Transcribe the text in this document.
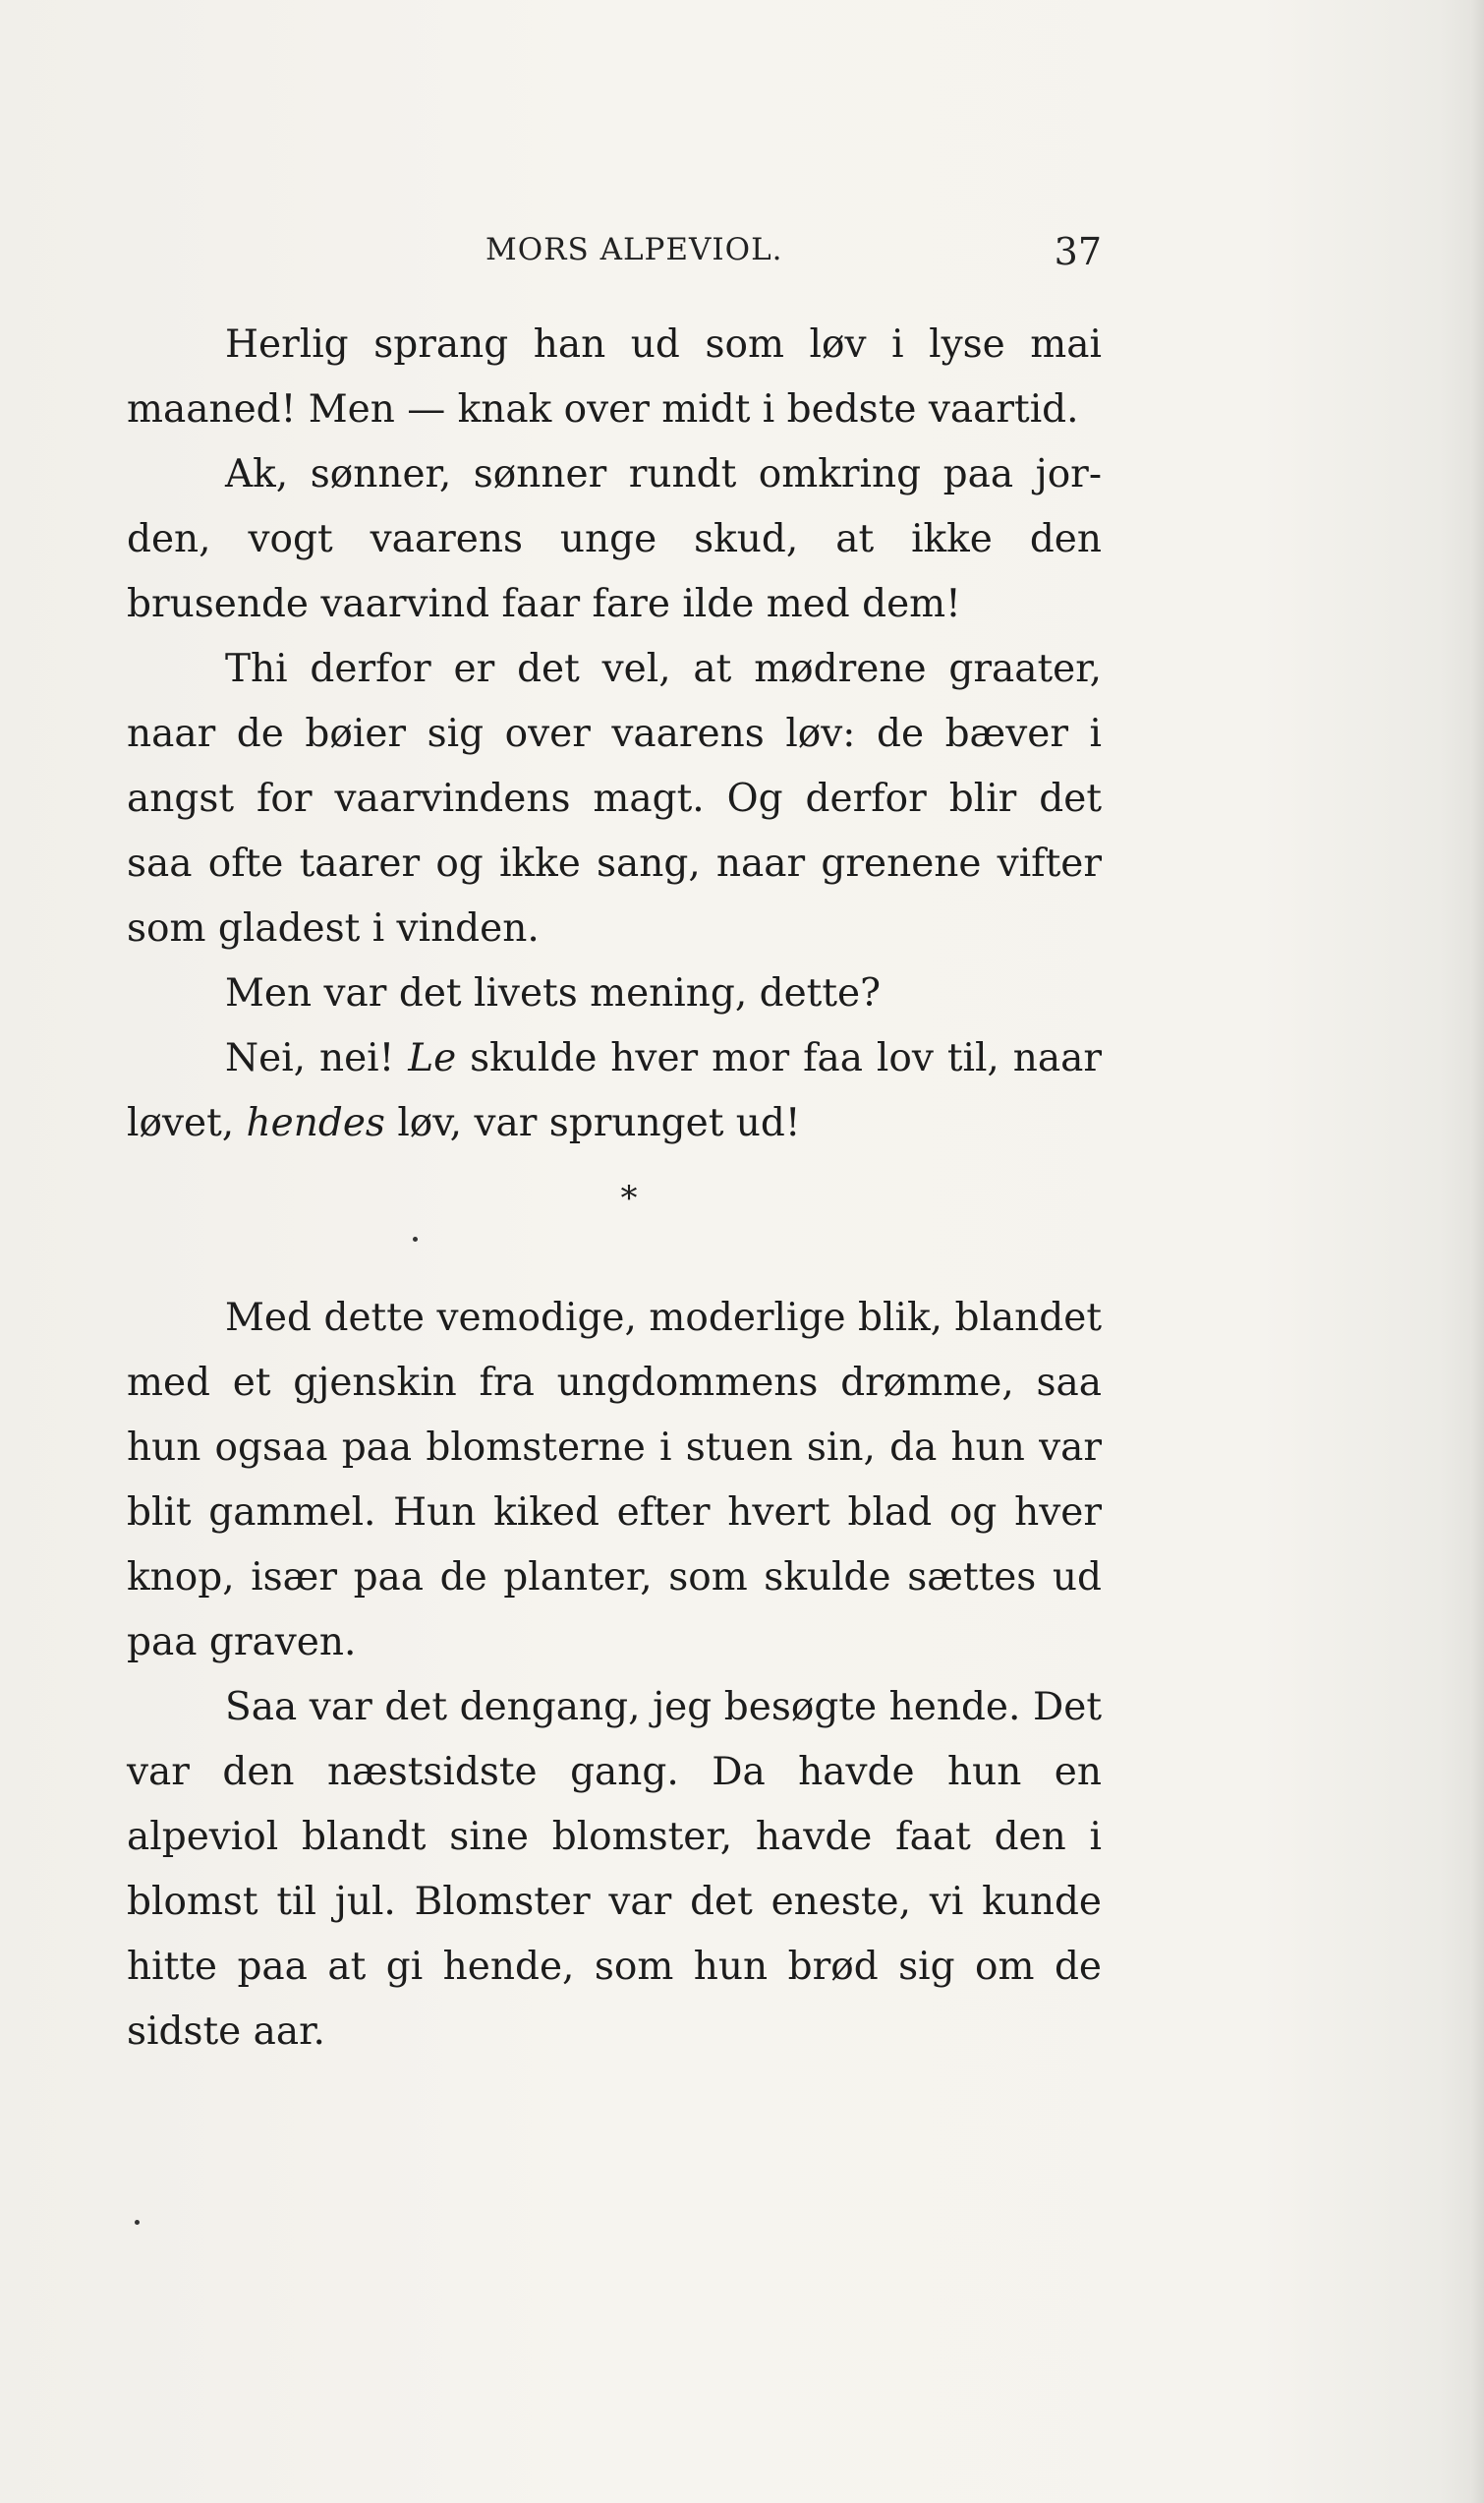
MORS ALPEVIOL.	37

Herlig sprang han ud som løv i lyse mai maaned! Men — knak over midt i bedste vaartid.

Ak, sønner, sønner rundt omkring paa jor- den, vogt vaarens unge skud, at ikke den brusende vaarvind faar fare ilde med dem!

Thi derfor er det vel, at mødrene graater, naar de bøier sig over vaarens løv: de bæver i angst for vaarvindens magt. Og derfor blir det saa ofte taarer og ikke sang, naar grenene vifter som gladest i vinden.

Men var det livets mening, dette?

Nei, nei! Le skulde hver mor faa lov til, naar løvet, hendes løv, var sprunget ud!

*

Med dette vemodige, moderlige blik, blandet med et gjenskin fra ungdommens drømme, saa hun ogsaa paa blomsterne i stuen sin, da hun var blit gammel. Hun kiked efter hvert blad og hver knop, især paa de planter, som skulde sættes ud paa graven.

Saa var det dengang, jeg besøgte hende. Det var den næstsidste gang. Da havde hun en alpeviol blandt sine blomster, havde faat den i blomst til jul. Blomster var det eneste, vi kunde hitte paa at gi hende, som hun brød sig om de sidste aar.
